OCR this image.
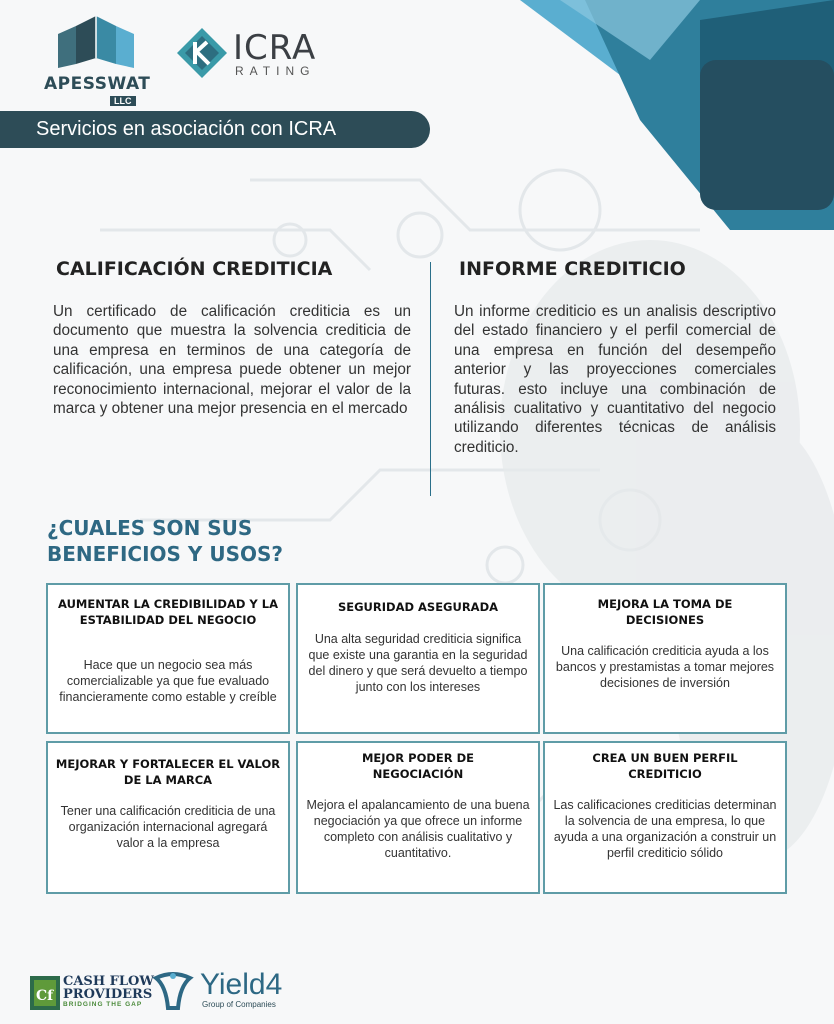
APESSWAT
LLC
ICRA
RATING
Servicios en asociación con ICRA
CALIFICACIÓN CREDITICIA
Un certificado de calificación crediticia es un documento que muestra la solvencia crediticia de una empresa en terminos de una categoría de calificación, una empresa puede obtener un mejor reconocimiento internacional, mejorar el valor de la marca y obtener una mejor presencia en el mercado
INFORME CREDITICIO
Un informe crediticio es un analisis descriptivo del estado financiero y el perfil comercial de una empresa en función del desempeño anterior y las proyecciones comerciales futuras. esto incluye una combinación de análisis cualitativo y cuantitativo del negocio utilizando diferentes técnicas de análisis crediticio.
¿CUALES SON SUS
BENEFICIOS Y USOS?
AUMENTAR LA CREDIBILIDAD Y LA ESTABILIDAD DEL NEGOCIO
Hace que un negocio sea más comercializable ya que fue evaluado financieramente como estable y creíble
SEGURIDAD ASEGURADA
Una alta seguridad crediticia significa que existe una garantia en la seguridad del dinero y que será devuelto a tiempo junto con los intereses
MEJORA LA TOMA DE DECISIONES
Una calificación crediticia ayuda a los bancos y prestamistas a tomar mejores decisiones de inversión
MEJORAR Y FORTALECER EL VALOR DE LA MARCA
Tener una calificación crediticia de una organización internacional agregará valor a la empresa
MEJOR PODER DE NEGOCIACIÓN
Mejora el apalancamiento de una buena negociación ya que ofrece un informe completo con análisis cualitativo y cuantitativo.
CREA UN BUEN PERFIL CREDITICIO
Las calificaciones crediticias determinan la solvencia de una empresa, lo que ayuda a una organización a construir un perfil crediticio sólido
Cf
CASH FLOW
PROVIDERS
BRIDGING THE GAP
Yield4
Group of Companies
